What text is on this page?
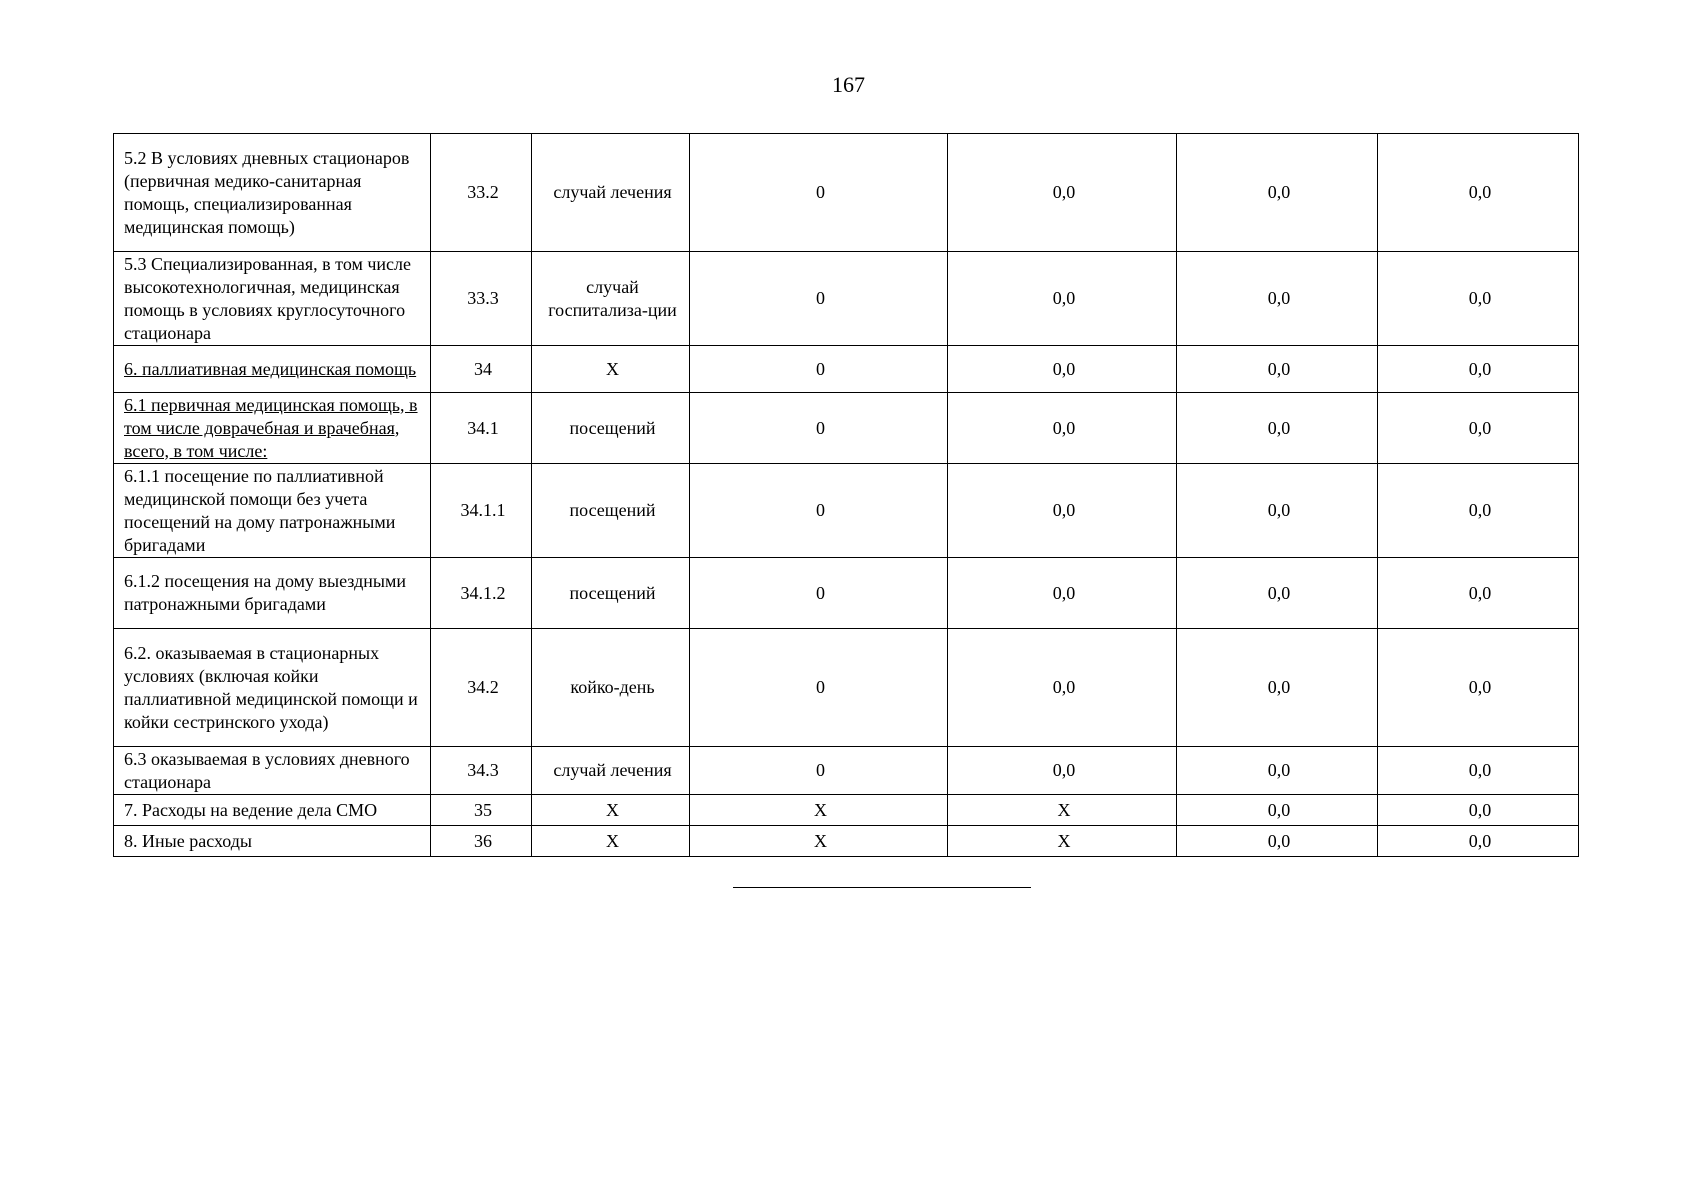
167
5.2 В условиях дневных стационаров (первичная медико-санитарная помощь, специализированная медицинская помощь)	33.2	случай лечения	0	0,0	0,0	0,0
5.3 Специализированная, в том числе высокотехнологичная, медицинская помощь в условиях круглосуточного стационара	33.3	случай госпитализа-ции	0	0,0	0,0	0,0
6. паллиативная медицинская помощь	34	X	0	0,0	0,0	0,0
6.1 первичная медицинская помощь, в том числе доврачебная и врачебная, всего, в том числе:	34.1	посещений	0	0,0	0,0	0,0
6.1.1 посещение по паллиативной медицинской помощи без учета посещений на дому патронажными бригадами	34.1.1	посещений	0	0,0	0,0	0,0
6.1.2 посещения на дому выездными патронажными бригадами	34.1.2	посещений	0	0,0	0,0	0,0
6.2. оказываемая в стационарных условиях (включая койки паллиативной медицинской помощи и койки сестринского ухода)	34.2	койко-день	0	0,0	0,0	0,0
6.3 оказываемая в условиях дневного стационара	34.3	случай лечения	0	0,0	0,0	0,0
7. Расходы на ведение дела СМО	35	X	X	X	0,0	0,0
8. Иные расходы	36	X	X	X	0,0	0,0
